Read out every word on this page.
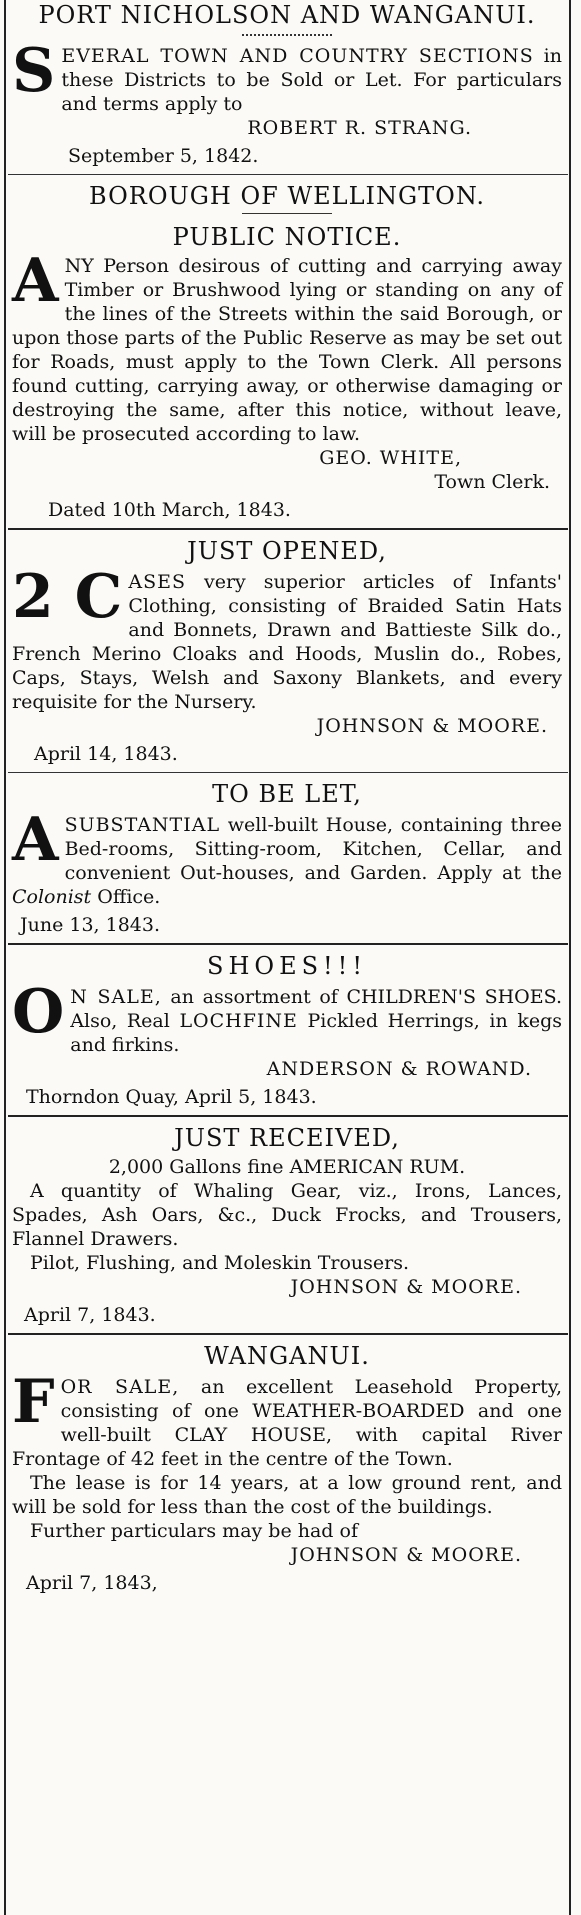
PORT NICHOLSON AND WANGANUI.
S EVERAL TOWN AND COUNTRY SECTIONS in these Districts to be Sold or Let. For particulars and terms apply to

ROBERT R. STRANG.
September 5, 1842.
BOROUGH OF WELLINGTON.
PUBLIC NOTICE.
A NY Person desirous of cutting and carrying away Timber or Brushwood lying or standing on any of the lines of the Streets within the said Borough, or upon those parts of the Public Reserve as may be set out for Roads, must apply to the Town Clerk. All persons found cutting, carrying away, or otherwise damaging or destroying the same, after this notice, without leave, will be prosecuted according to law.

GEO. WHITE,
Town Clerk.
Dated 10th March, 1843.
JUST OPENED,
2 C ASES very superior articles of Infants' Clothing, consisting of Braided Satin Hats and Bonnets, Drawn and Battieste Silk do., French Merino Cloaks and Hoods, Muslin do., Robes, Caps, Stays, Welsh and Saxony Blankets, and every requisite for the Nursery.

JOHNSON & MOORE.
April 14, 1843.
TO BE LET,
A SUBSTANTIAL well-built House, containing three Bed-rooms, Sitting-room, Kitchen, Cellar, and convenient Out-houses, and Garden. Apply at the Colonist Office.

June 13, 1843.
SHOES!!!
O N SALE, an assortment of CHILDREN'S SHOES. Also, Real LOCHFINE Pickled Herrings, in kegs and firkins.

ANDERSON & ROWAND.
Thorndon Quay, April 5, 1843.
JUST RECEIVED,

2,000 Gallons fine AMERICAN RUM.

A quantity of Whaling Gear, viz., Irons, Lances, Spades, Ash Oars, &c., Duck Frocks, and Trousers, Flannel Drawers.

Pilot, Flushing, and Moleskin Trousers.

JOHNSON & MOORE.
April 7, 1843.
WANGANUI.
F OR SALE, an excellent Leasehold Property, consisting of one WEATHER-BOARDED and one well-built CLAY HOUSE, with capital River Frontage of 42 feet in the centre of the Town.

The lease is for 14 years, at a low ground rent, and will be sold for less than the cost of the buildings.

Further particulars may be had of

JOHNSON & MOORE.
April 7, 1843,
